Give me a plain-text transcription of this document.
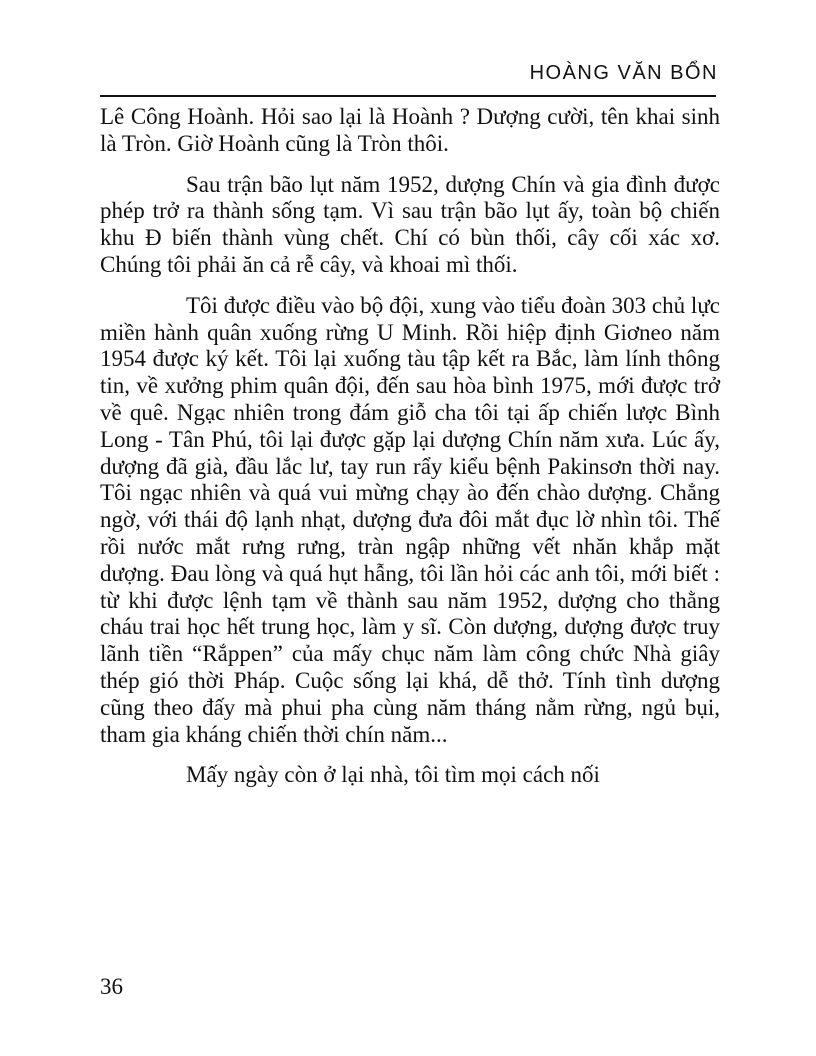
HOÀNG VĂN BỔN

Lê Công Hoành. Hỏi sao lại là Hoành ? Dượng cười, tên khai sinh là Tròn. Giờ Hoành cũng là Tròn thôi.

Sau trận bão lụt năm 1952, dượng Chín và gia đình được phép trở ra thành sống tạm. Vì sau trận bão lụt ấy, toàn bộ chiến khu Đ biến thành vùng chết. Chí có bùn thối, cây cối xác xơ. Chúng tôi phải ăn cả rễ cây, và khoai mì thối.

Tôi được điều vào bộ đội, xung vào tiểu đoàn 303 chủ lực miền hành quân xuống rừng U Minh. Rồi hiệp định Giơneo năm 1954 được ký kết. Tôi lại xuống tàu tập kết ra Bắc, làm lính thông tin, về xưởng phim quân đội, đến sau hòa bình 1975, mới được trở về quê. Ngạc nhiên trong đám giỗ cha tôi tại ấp chiến lược Bình Long - Tân Phú, tôi lại được gặp lại dượng Chín năm xưa. Lúc ấy, dượng đã già, đầu lắc lư, tay run rẩy kiểu bệnh Pakinsơn thời nay. Tôi ngạc nhiên và quá vui mừng chạy ào đến chào dượng. Chẳng ngờ, với thái độ lạnh nhạt, dượng đưa đôi mắt đục lờ nhìn tôi. Thế rồi nước mắt rưng rưng, tràn ngập những vết nhăn khắp mặt dượng. Đau lòng và quá hụt hẫng, tôi lần hỏi các anh tôi, mới biết : từ khi được lệnh tạm về thành sau năm 1952, dượng cho thằng cháu trai học hết trung học, làm y sĩ. Còn dượng, dượng được truy lãnh tiền “Rắppen” của mấy chục năm làm công chức Nhà giây thép gió thời Pháp. Cuộc sống lại khá, dễ thở. Tính tình dượng cũng theo đấy mà phui pha cùng năm tháng nằm rừng, ngủ bụi, tham gia kháng chiến thời chín năm...

Mấy ngày còn ở lại nhà, tôi tìm mọi cách nối

36
